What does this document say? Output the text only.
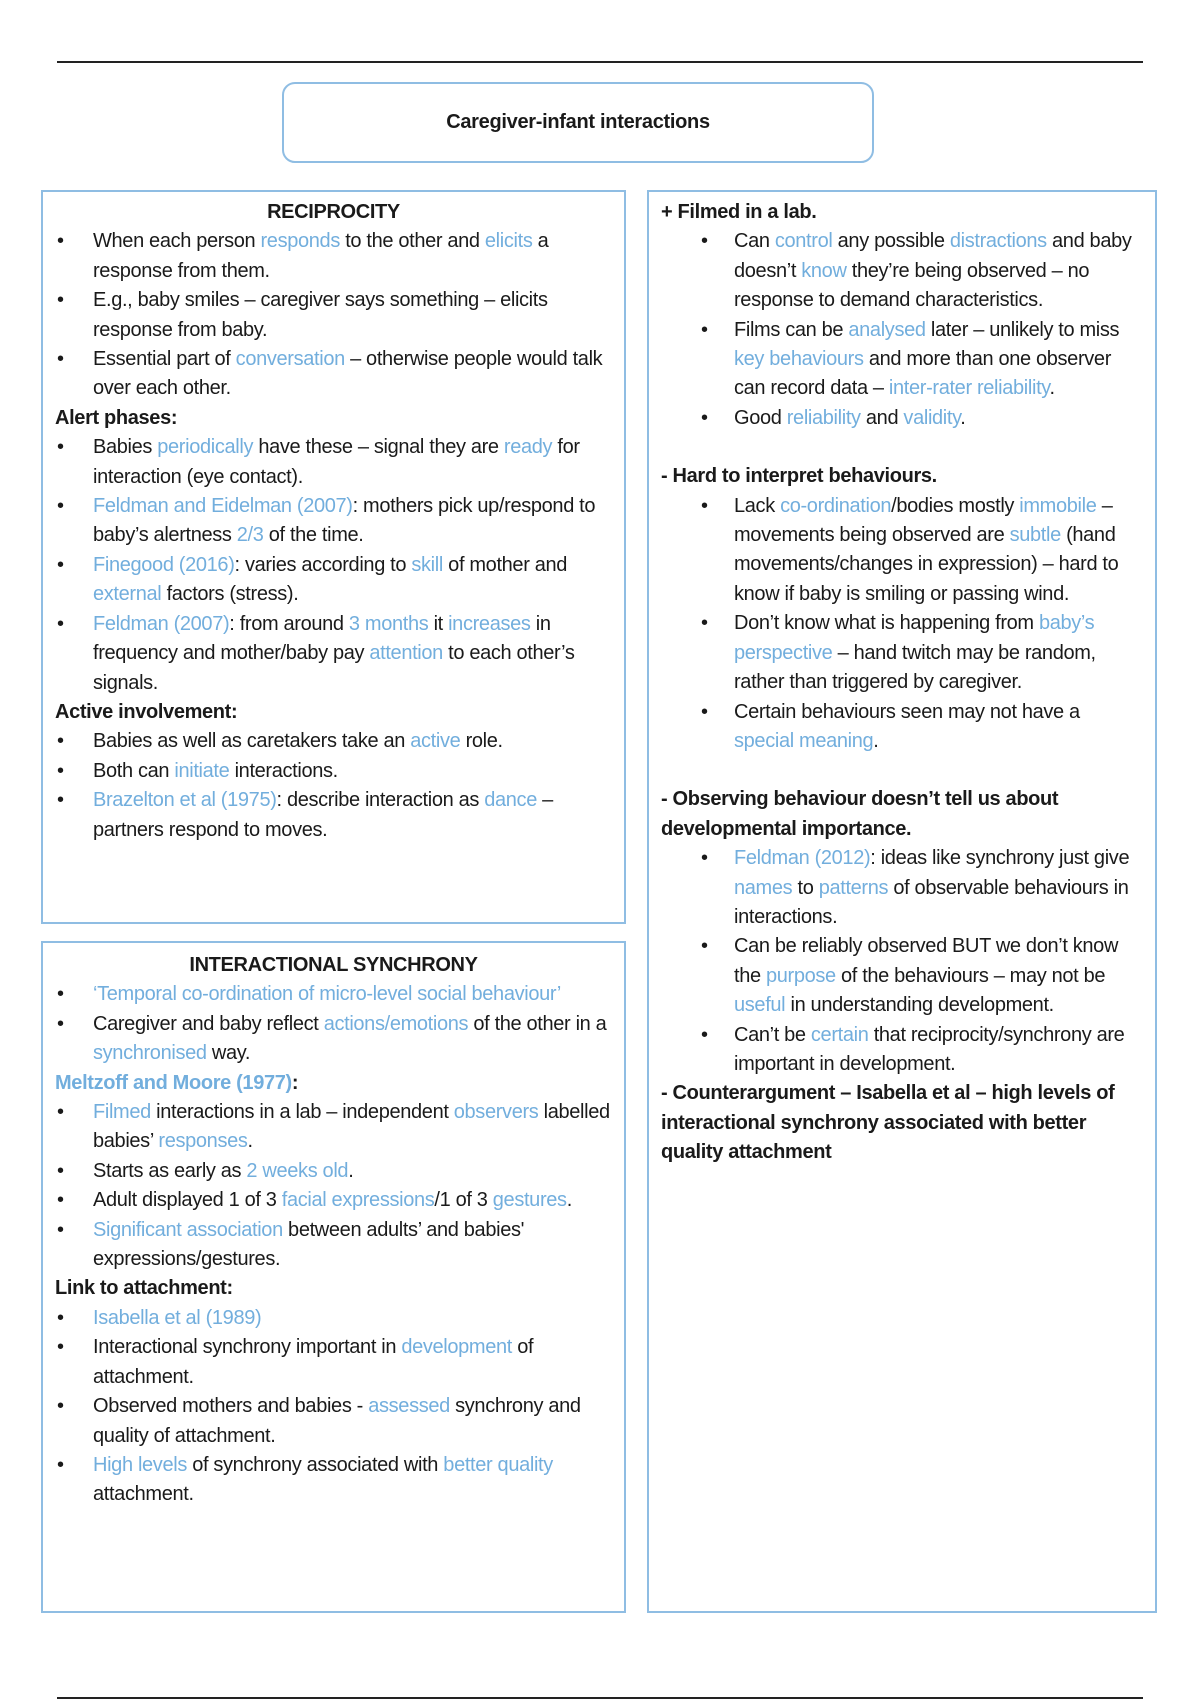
Caregiver-infant interactions
RECIPROCITY
• When each person responds to the other and elicits a response from them.
• E.g., baby smiles – caregiver says something – elicits response from baby.
• Essential part of conversation – otherwise people would talk over each other.
Alert phases:
• Babies periodically have these – signal they are ready for interaction (eye contact).
• Feldman and Eidelman (2007): mothers pick up/respond to baby’s alertness 2/3 of the time.
• Finegood (2016): varies according to skill of mother and external factors (stress).
• Feldman (2007): from around 3 months it increases in frequency and mother/baby pay attention to each other’s signals.
Active involvement:
• Babies as well as caretakers take an active role.
• Both can initiate interactions.
• Brazelton et al (1975): describe interaction as dance – partners respond to moves.
INTERACTIONAL SYNCHRONY
• ‘Temporal co-ordination of micro-level social behaviour’
• Caregiver and baby reflect actions/emotions of the other in a synchronised way.
Meltzoff and Moore (1977):
• Filmed interactions in a lab – independent observers labelled babies’ responses.
• Starts as early as 2 weeks old.
• Adult displayed 1 of 3 facial expressions/1 of 3 gestures.
• Significant association between adults’ and babies' expressions/gestures.
Link to attachment:
• Isabella et al (1989)
• Interactional synchrony important in development of attachment.
• Observed mothers and babies - assessed synchrony and quality of attachment.
• High levels of synchrony associated with better quality attachment.
+ Filmed in a lab.
• Can control any possible distractions and baby doesn’t know they’re being observed – no response to demand characteristics.
• Films can be analysed later – unlikely to miss key behaviours and more than one observer can record data – inter-rater reliability.
• Good reliability and validity.
- Hard to interpret behaviours.
• Lack co-ordination/bodies mostly immobile – movements being observed are subtle (hand movements/changes in expression) – hard to know if baby is smiling or passing wind.
• Don’t know what is happening from baby’s perspective – hand twitch may be random, rather than triggered by caregiver.
• Certain behaviours seen may not have a special meaning.
- Observing behaviour doesn’t tell us about developmental importance.
• Feldman (2012): ideas like synchrony just give names to patterns of observable behaviours in interactions.
• Can be reliably observed BUT we don’t know the purpose of the behaviours – may not be useful in understanding development.
• Can’t be certain that reciprocity/synchrony are important in development.
- Counterargument – Isabella et al – high levels of interactional synchrony associated with better quality attachment
